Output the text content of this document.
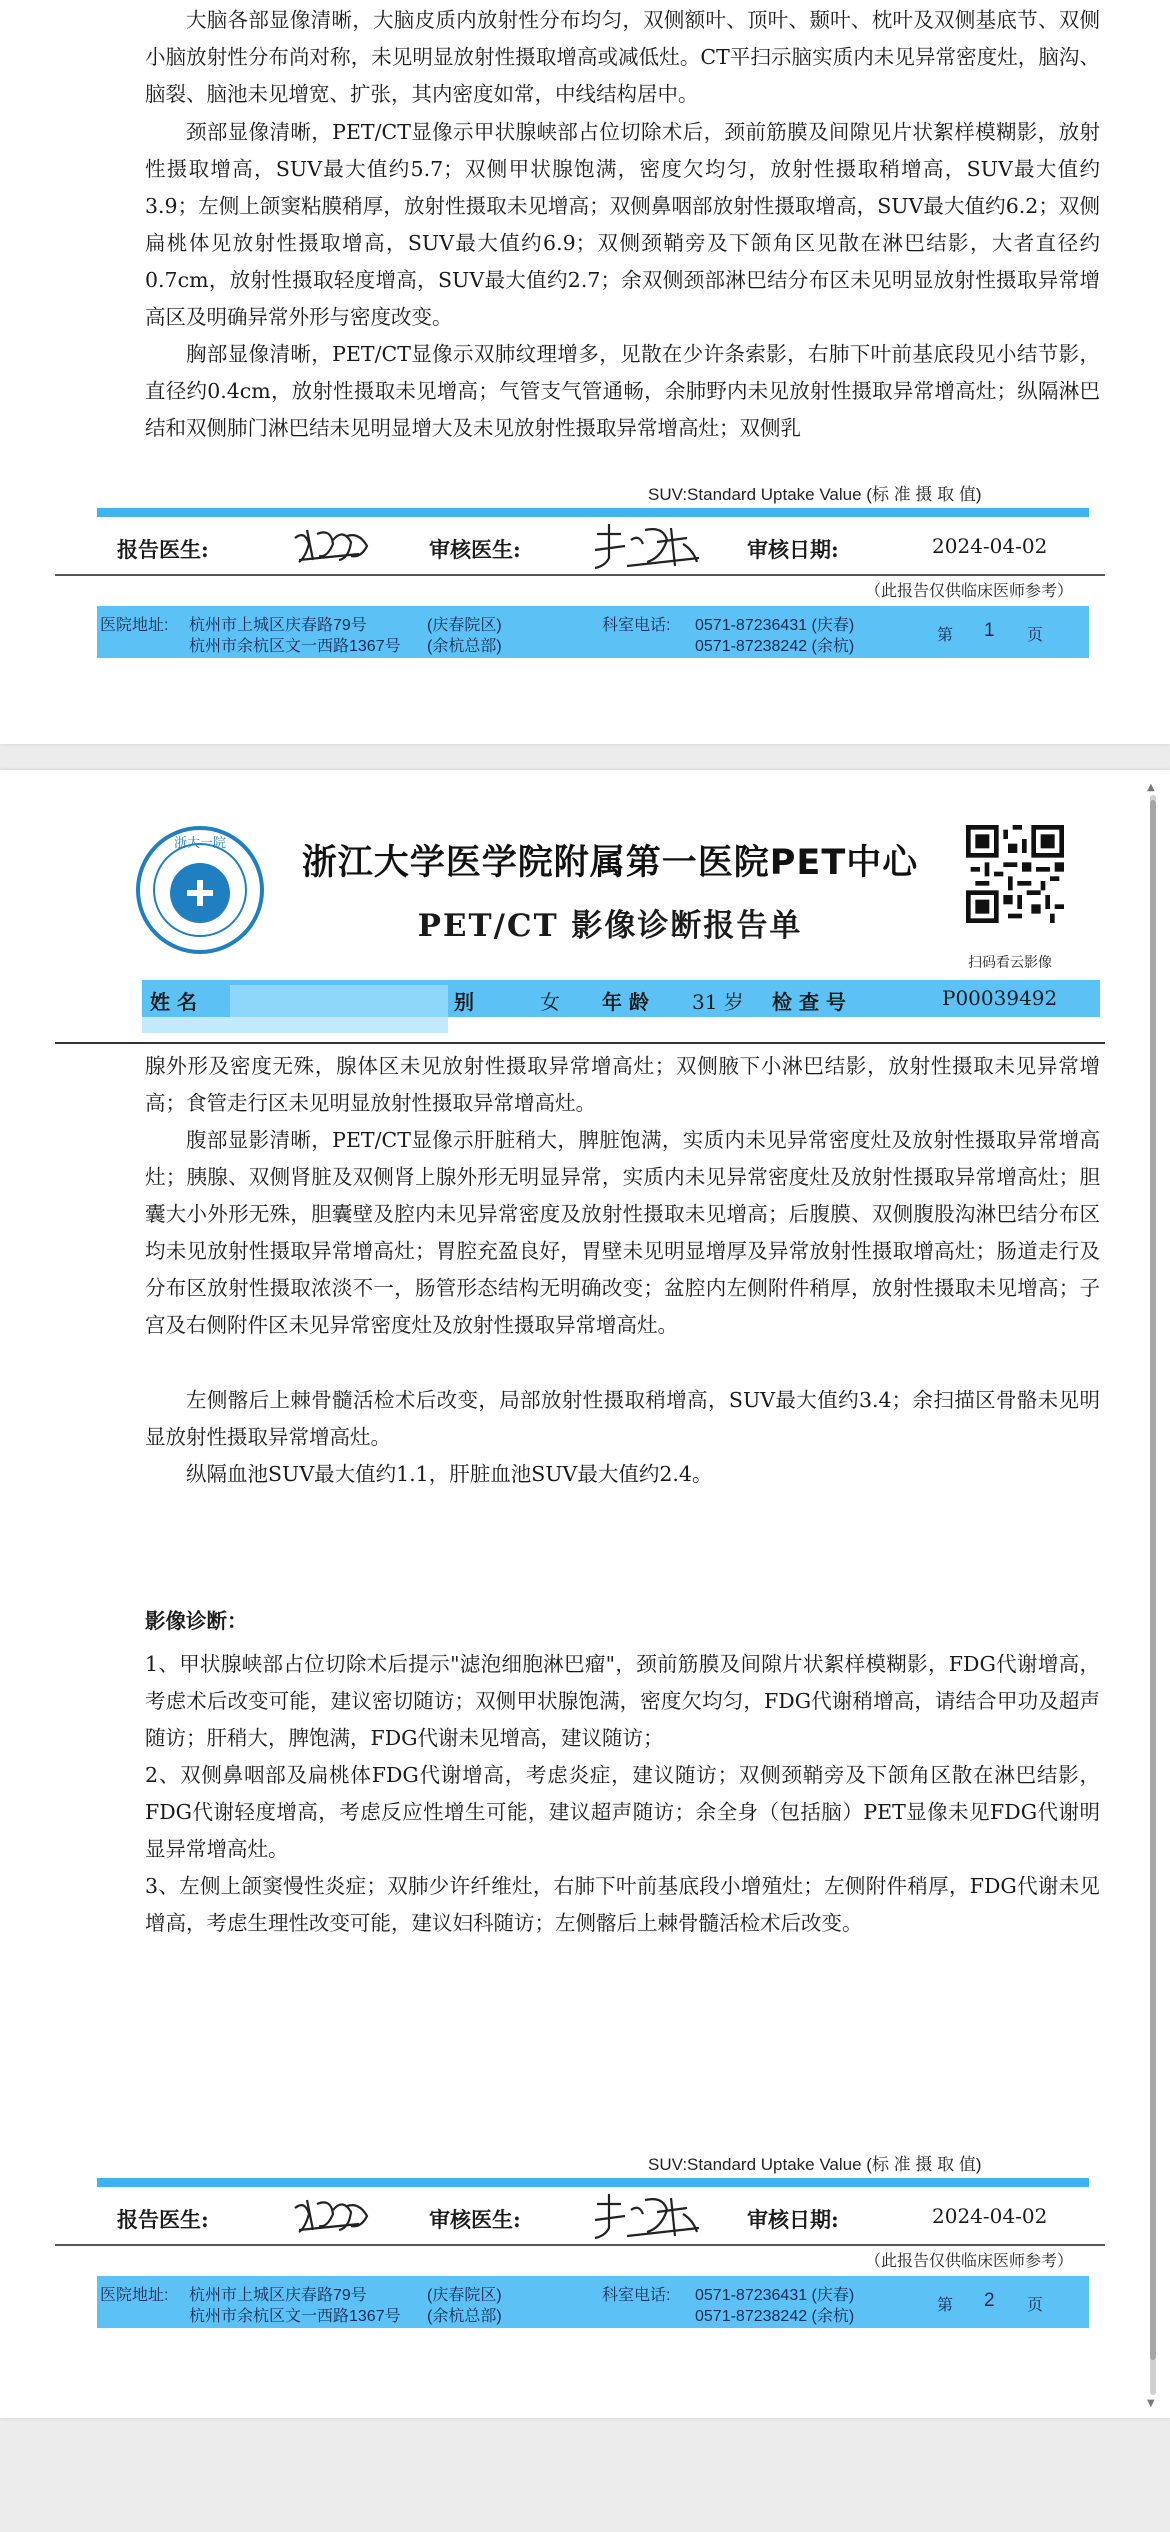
大脑各部显像清晰，大脑皮质内放射性分布均匀，双侧额叶、顶叶、颞叶、枕叶及双侧基底节、双侧小脑放射性分布尚对称，未见明显放射性摄取增高或减低灶。CT平扫示脑实质内未见异常密度灶，脑沟、脑裂、脑池未见增宽、扩张，其内密度如常，中线结构居中。
颈部显像清晰，PET/CT显像示甲状腺峡部占位切除术后，颈前筋膜及间隙见片状絮样模糊影，放射性摄取增高，SUV最大值约5.7；双侧甲状腺饱满，密度欠均匀，放射性摄取稍增高，SUV最大值约3.9；左侧上颌窦粘膜稍厚，放射性摄取未见增高；双侧鼻咽部放射性摄取增高，SUV最大值约6.2；双侧扁桃体见放射性摄取增高，SUV最大值约6.9；双侧颈鞘旁及下颌角区见散在淋巴结影，大者直径约0.7cm，放射性摄取轻度增高，SUV最大值约2.7；余双侧颈部淋巴结分布区未见明显放射性摄取异常增高区及明确异常外形与密度改变。
胸部显像清晰，PET/CT显像示双肺纹理增多，见散在少许条索影，右肺下叶前基底段见小结节影，直径约0.4cm，放射性摄取未见增高；气管支气管通畅，余肺野内未见放射性摄取异常增高灶；纵隔淋巴结和双侧肺门淋巴结未见明显增大及未见放射性摄取异常增高灶；双侧乳
SUV:Standard Uptake Value (标 准 摄 取 值)
报告医生:	审核医生:	审核日期:	2024-04-02
（此报告仅供临床医师参考）
医院地址: 杭州市上城区庆春路79号	(庆春院区)
杭州市余杭区文一西路1367号 (余杭总部)
科室电话: 0571-87236431 (庆春)
0571-87238242 (余杭)
第 1 页
浙大一院	浙江大学医学院附属第一医院PET中心
PET/CT 影像诊断报告单
扫码看云影像
姓 名	别	女 年 龄 31 岁 检 查 号	P00039492
腺外形及密度无殊，腺体区未见放射性摄取异常增高灶；双侧腋下小淋巴结影，放射性摄取未见异常增高；食管走行区未见明显放射性摄取异常增高灶。
腹部显影清晰，PET/CT显像示肝脏稍大，脾脏饱满，实质内未见异常密度灶及放射性摄取异常增高灶；胰腺、双侧肾脏及双侧肾上腺外形无明显异常，实质内未见异常密度灶及放射性摄取异常增高灶；胆囊大小外形无殊，胆囊壁及腔内未见异常密度及放射性摄取未见增高；后腹膜、双侧腹股沟淋巴结分布区均未见放射性摄取异常增高灶；胃腔充盈良好，胃壁未见明显增厚及异常放射性摄取增高灶；肠道走行及分布区放射性摄取浓淡不一，肠管形态结构无明确改变；盆腔内左侧附件稍厚，放射性摄取未见增高；子宫及右侧附件区未见异常密度灶及放射性摄取异常增高灶。
左侧髂后上棘骨髓活检术后改变，局部放射性摄取稍增高，SUV最大值约3.4；余扫描区骨骼未见明显放射性摄取异常增高灶。
纵隔血池SUV最大值约1.1，肝脏血池SUV最大值约2.4。
影像诊断：
1、甲状腺峡部占位切除术后提示"滤泡细胞淋巴瘤"，颈前筋膜及间隙片状絮样模糊影，FDG代谢增高，考虑术后改变可能，建议密切随访；双侧甲状腺饱满，密度欠均匀，FDG代谢稍增高，请结合甲功及超声随访；肝稍大，脾饱满，FDG代谢未见增高，建议随访；
2、双侧鼻咽部及扁桃体FDG代谢增高，考虑炎症，建议随访；双侧颈鞘旁及下颌角区散在淋巴结影，FDG代谢轻度增高，考虑反应性增生可能，建议超声随访；余全身（包括脑）PET显像未见FDG代谢明显异常增高灶。
3、左侧上颌窦慢性炎症；双肺少许纤维灶，右肺下叶前基底段小增殖灶；左侧附件稍厚，FDG代谢未见增高，考虑生理性改变可能，建议妇科随访；左侧髂后上棘骨髓活检术后改变。
SUV:Standard Uptake Value (标 准 摄 取 值)
报告医生:	审核医生:	审核日期:	2024-04-02
（此报告仅供临床医师参考）
医院地址: 杭州市上城区庆春路79号	(庆春院区)
杭州市余杭区文一西路1367号 (余杭总部)
科室电话: 0571-87236431 (庆春)
0571-87238242 (余杭)
第 2 页
▲
▼
